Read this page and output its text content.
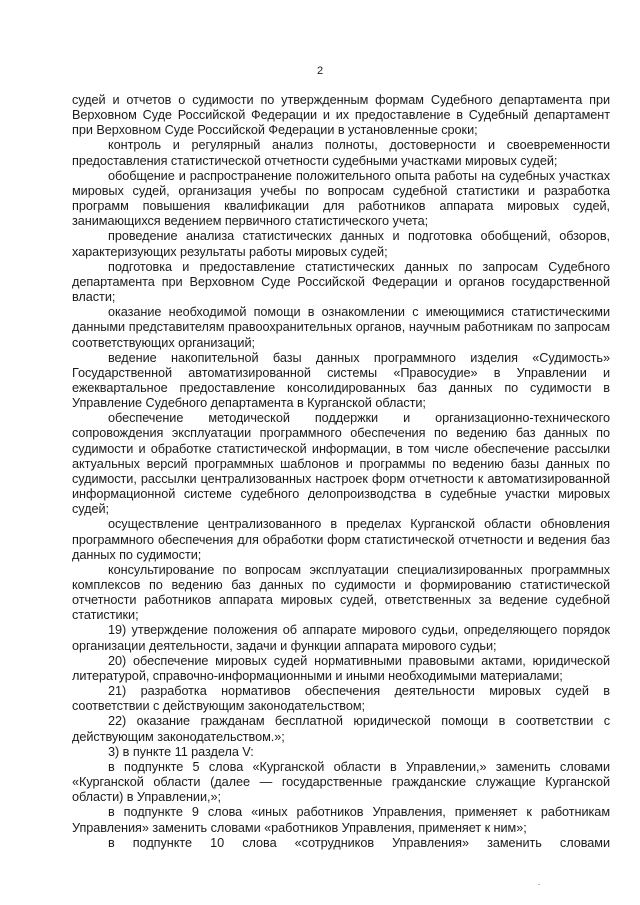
2

судей и отчетов о судимости по утвержденным формам Судебного департамента при Верховном Суде Российской Федерации и их предоставление в Судебный департамент при Верховном Суде Российской Федерации в установленные сроки;

контроль и регулярный анализ полноты, достоверности и своевременности предоставления статистической отчетности судебными участками мировых судей;

обобщение и распространение положительного опыта работы на судебных участках мировых судей, организация учебы по вопросам судебной статистики и разработка программ повышения квалификации для работников аппарата мировых судей, занимающихся ведением первичного статистического учета;

проведение анализа статистических данных и подготовка обобщений, обзоров, характеризующих результаты работы мировых судей;

подготовка и предоставление статистических данных по запросам Судебного департамента при Верховном Суде Российской Федерации и органов государственной власти;

оказание необходимой помощи в ознакомлении с имеющимися статистическими данными представителям правоохранительных органов, научным работникам по запросам соответствующих организаций;

ведение накопительной базы данных программного изделия «Судимость» Государственной автоматизированной системы «Правосудие» в Управлении и ежеквартальное предоставление консолидированных баз данных по судимости в Управление Судебного департамента в Курганской области;

обеспечение методической поддержки и организационно-технического сопровождения эксплуатации программного обеспечения по ведению баз данных по судимости и обработке статистической информации, в том числе обеспечение рассылки актуальных версий программных шаблонов и программы по ведению базы данных по судимости, рассылки централизованных настроек форм отчетности к автоматизированной информационной системе судебного делопроизводства в судебные участки мировых судей;

осуществление централизованного в пределах Курганской области обновления программного обеспечения для обработки форм статистической отчетности и ведения баз данных по судимости;

консультирование по вопросам эксплуатации специализированных программных комплексов по ведению баз данных по судимости и формированию статистической отчетности работников аппарата мировых судей, ответственных за ведение судебной статистики;

19) утверждение положения об аппарате мирового судьи, определяющего порядок организации деятельности, задачи и функции аппарата мирового судьи;

20) обеспечение мировых судей нормативными правовыми актами, юридической литературой, справочно-информационными и иными необходимыми материалами;

21) разработка нормативов обеспечения деятельности мировых судей в соответствии с действующим законодательством;

22) оказание гражданам бесплатной юридической помощи в соответствии с действующим законодательством.»;

3) в пункте 11 раздела V:

в подпункте 5 слова «Курганской области в Управлении,» заменить словами «Курганской области (далее — государственные гражданские служащие Курганской области) в Управлении,»;

в подпункте 9 слова «иных работников Управления, применяет к работникам Управления» заменить словами «работников Управления, применяет к ним»;

в подпункте 10 слова «сотрудников Управления» заменить словами
